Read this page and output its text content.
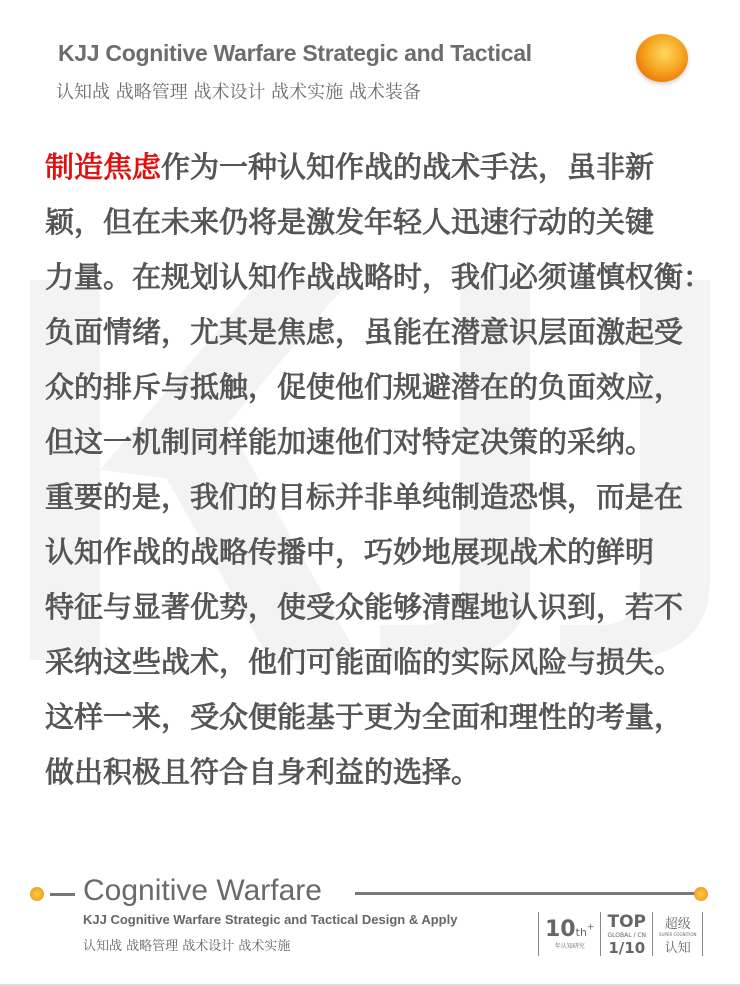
KJJ Cognitive Warfare Strategic and Tactical
认知战 战略管理 战术设计 战术实施 战术装备
制造焦虑作为一种认知作战的战术手法，虽非新
颖，但在未来仍将是激发年轻人迅速行动的关键
力量。在规划认知作战战略时，我们必须谨慎权衡：
负面情绪，尤其是焦虑，虽能在潜意识层面激起受
众的排斥与抵触，促使他们规避潜在的负面效应，
但这一机制同样能加速他们对特定决策的采纳。
重要的是，我们的目标并非单纯制造恐惧，而是在
认知作战的战略传播中，巧妙地展现战术的鲜明
特征与显著优势，使受众能够清醒地认识到，若不
采纳这些战术，他们可能面临的实际风险与损失。
这样一来，受众便能基于更为全面和理性的考量，
做出积极且符合自身利益的选择。
Cognitive Warfare
KJJ Cognitive Warfare Strategic and Tactical Design & Apply
认知战 战略管理 战术设计 战术实施
10th+
年认知研究
TOP
GLOBAL / CN
1/10
超级
SUPER COGNITION
认知
